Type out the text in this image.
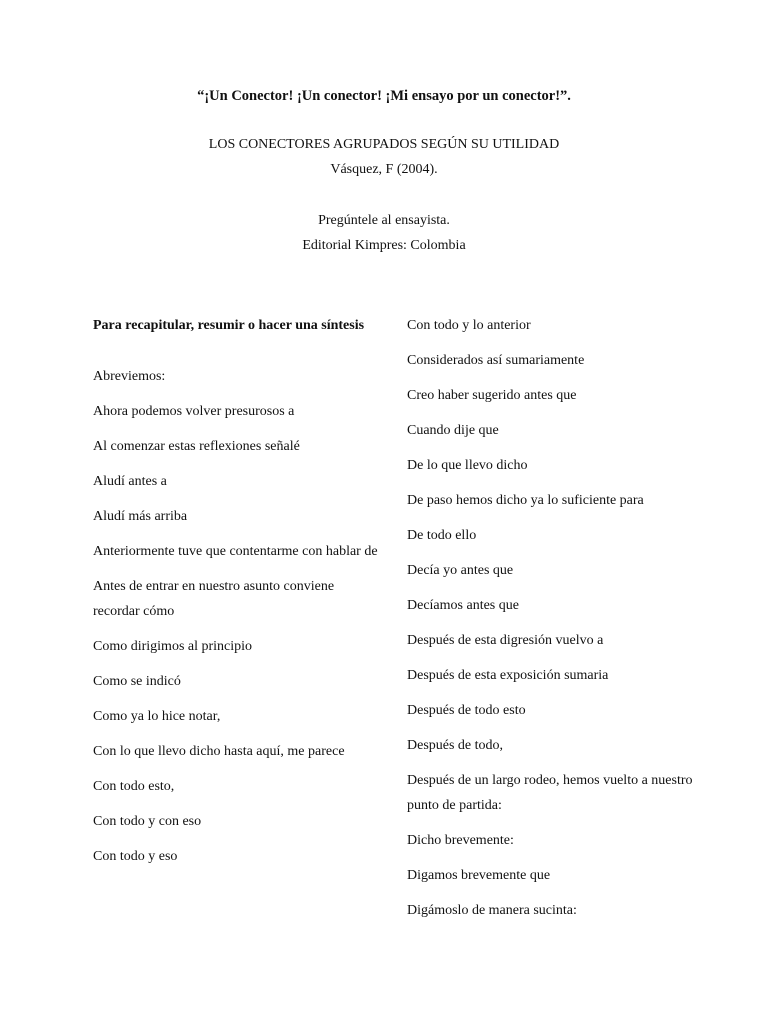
“¡Un Conector! ¡Un conector! ¡Mi ensayo por un conector!”.
LOS CONECTORES AGRUPADOS SEGÚN SU UTILIDAD
Vásquez, F (2004).
Pregúntele al ensayista.
Editorial Kimpres: Colombia
Para recapitular, resumir o hacer una síntesis
Abreviemos:
Ahora podemos volver presurosos a
Al comenzar estas reflexiones señalé
Aludí antes a
Aludí más arriba
Anteriormente tuve que contentarme con hablar de
Antes de entrar en nuestro asunto conviene recordar cómo
Como dirigimos al principio
Como se indicó
Como ya lo hice notar,
Con lo que llevo dicho hasta aquí, me parece
Con todo esto,
Con todo y con eso
Con todo y eso
Con todo y lo anterior
Considerados así sumariamente
Creo haber sugerido antes que
Cuando dije que
De lo que llevo dicho
De paso hemos dicho ya lo suficiente para
De todo ello
Decía yo antes que
Decíamos antes que
Después de esta digresión vuelvo a
Después de esta exposición sumaria
Después de todo esto
Después de todo,
Después de un largo rodeo, hemos vuelto a nuestro punto de partida:
Dicho brevemente:
Digamos brevemente que
Digámoslo de manera sucinta:
